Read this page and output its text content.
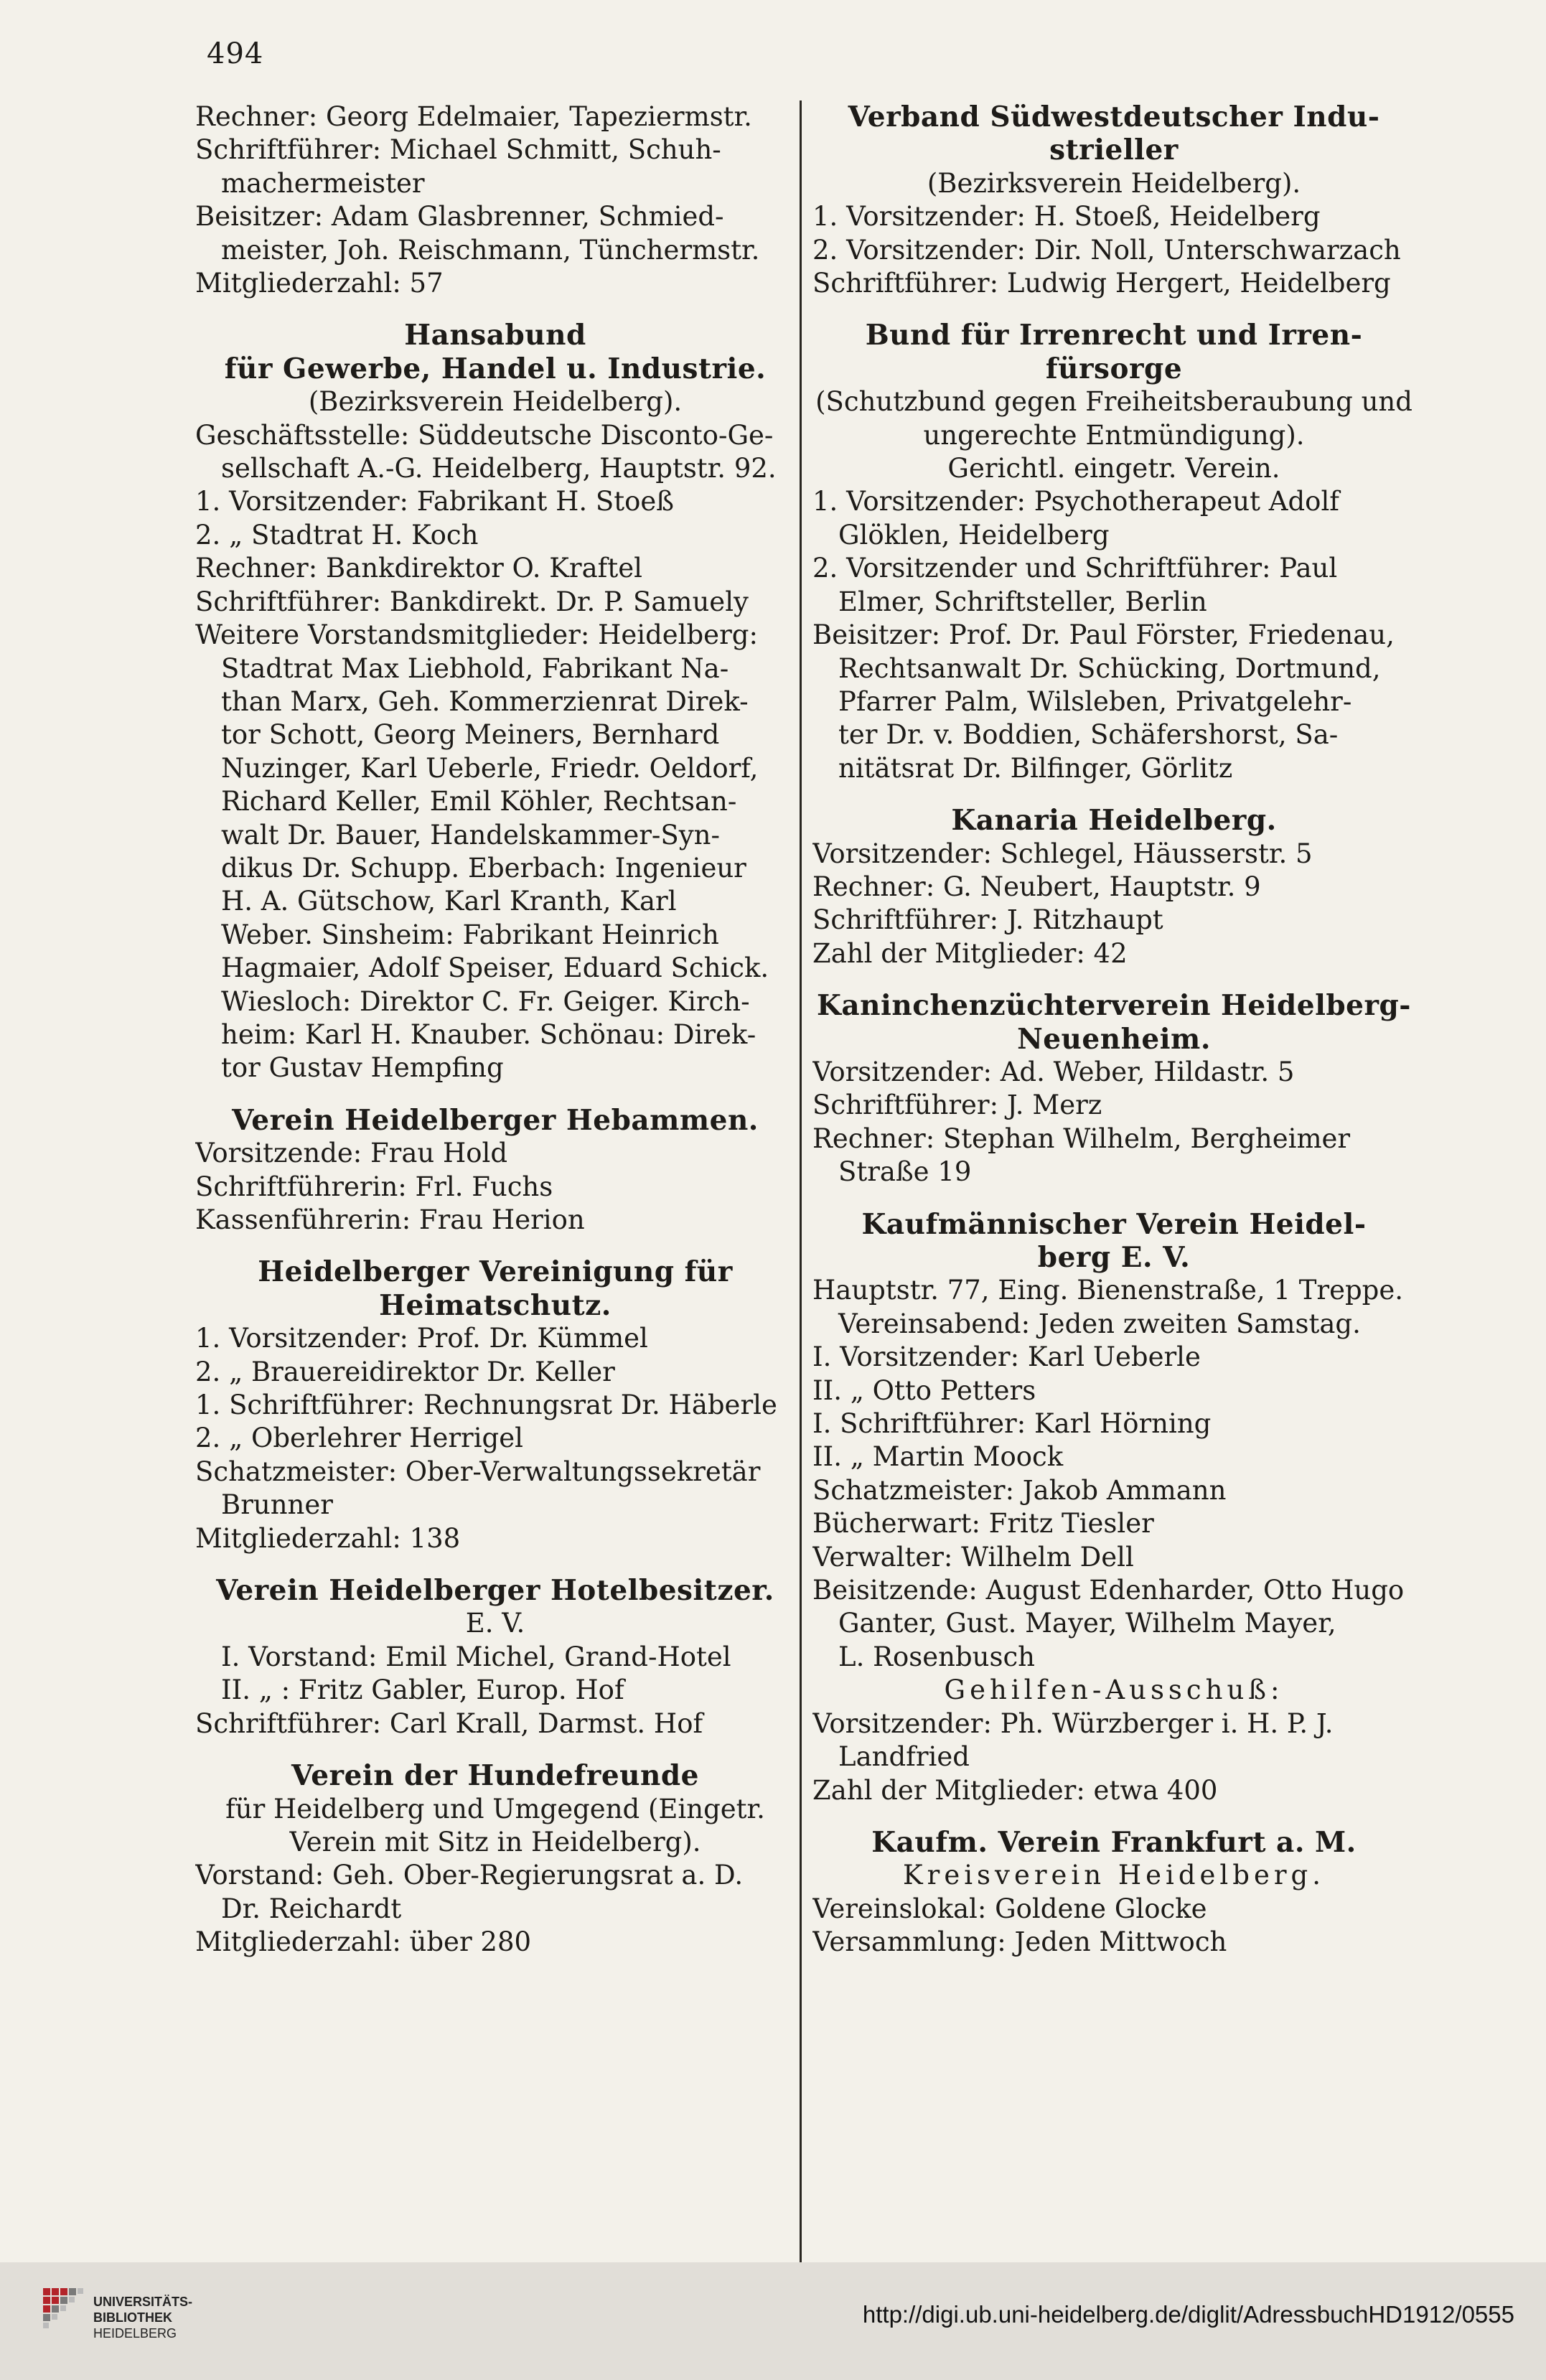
494
Rechner: Georg Edelmaier, Tapeziermstr.
Schriftführer: Michael Schmitt, Schuh-
machermeister
Beisitzer: Adam Glasbrenner, Schmied-
meister, Joh. Reischmann, Tünchermstr.
Mitgliederzahl: 57
Hansabund
für Gewerbe, Handel u. Industrie.
(Bezirksverein Heidelberg).
Geschäftsstelle: Süddeutsche Disconto-Ge-
sellschaft A.-G. Heidelberg, Hauptstr. 92.
1. Vorsitzender: Fabrikant H. Stoeß
2. „ Stadtrat H. Koch
Rechner: Bankdirektor O. Kraftel
Schriftführer: Bankdirekt. Dr. P. Samuely
Weitere Vorstandsmitglieder: Heidelberg:
Stadtrat Max Liebhold, Fabrikant Na-
than Marx, Geh. Kommerzienrat Direk-
tor Schott, Georg Meiners, Bernhard
Nuzinger, Karl Ueberle, Friedr. Oeldorf,
Richard Keller, Emil Köhler, Rechtsan-
walt Dr. Bauer, Handelskammer-Syn-
dikus Dr. Schupp. Eberbach: Ingenieur
H. A. Gütschow, Karl Kranth, Karl
Weber. Sinsheim: Fabrikant Heinrich
Hagmaier, Adolf Speiser, Eduard Schick.
Wiesloch: Direktor C. Fr. Geiger. Kirch-
heim: Karl H. Knauber. Schönau: Direk-
tor Gustav Hempfing
Verein Heidelberger Hebammen.
Vorsitzende: Frau Hold
Schriftführerin: Frl. Fuchs
Kassenführerin: Frau Herion
Heidelberger Vereinigung für
Heimatschutz.
1. Vorsitzender: Prof. Dr. Kümmel
2. „ Brauereidirektor Dr. Keller
1. Schriftführer: Rechnungsrat Dr. Häberle
2. „ Oberlehrer Herrigel
Schatzmeister: Ober-Verwaltungssekretär
Brunner
Mitgliederzahl: 138
Verein Heidelberger Hotelbesitzer.
E. V.
I. Vorstand: Emil Michel, Grand-Hotel
II. „ : Fritz Gabler, Europ. Hof
Schriftführer: Carl Krall, Darmst. Hof
Verein der Hundefreunde
für Heidelberg und Umgegend (Eingetr.
Verein mit Sitz in Heidelberg).
Vorstand: Geh. Ober-Regierungsrat a. D.
Dr. Reichardt
Mitgliederzahl: über 280
Verband Südwestdeutscher Indu-
strieller
(Bezirksverein Heidelberg).
1. Vorsitzender: H. Stoeß, Heidelberg
2. Vorsitzender: Dir. Noll, Unterschwarzach
Schriftführer: Ludwig Hergert, Heidelberg
Bund für Irrenrecht und Irren-
fürsorge
(Schutzbund gegen Freiheitsberaubung und
ungerechte Entmündigung).
Gerichtl. eingetr. Verein.
1. Vorsitzender: Psychotherapeut Adolf
Glöklen, Heidelberg
2. Vorsitzender und Schriftführer: Paul
Elmer, Schriftsteller, Berlin
Beisitzer: Prof. Dr. Paul Förster, Friedenau,
Rechtsanwalt Dr. Schücking, Dortmund,
Pfarrer Palm, Wilsleben, Privatgelehr-
ter Dr. v. Boddien, Schäfershorst, Sa-
nitätsrat Dr. Bilfinger, Görlitz
Kanaria Heidelberg.
Vorsitzender: Schlegel, Häusserstr. 5
Rechner: G. Neubert, Hauptstr. 9
Schriftführer: J. Ritzhaupt
Zahl der Mitglieder: 42
Kaninchenzüchterverein Heidelberg-
Neuenheim.
Vorsitzender: Ad. Weber, Hildastr. 5
Schriftführer: J. Merz
Rechner: Stephan Wilhelm, Bergheimer
Straße 19
Kaufmännischer Verein Heidel-
berg E. V.
Hauptstr. 77, Eing. Bienenstraße, 1 Treppe.
Vereinsabend: Jeden zweiten Samstag.
I. Vorsitzender: Karl Ueberle
II. „ Otto Petters
I. Schriftführer: Karl Hörning
II. „ Martin Moock
Schatzmeister: Jakob Ammann
Bücherwart: Fritz Tiesler
Verwalter: Wilhelm Dell
Beisitzende: August Edenharder, Otto Hugo
Ganter, Gust. Mayer, Wilhelm Mayer,
L. Rosenbusch
Gehilfen-Ausschuß:
Vorsitzender: Ph. Würzberger i. H. P. J.
Landfried
Zahl der Mitglieder: etwa 400
Kaufm. Verein Frankfurt a. M.
Kreisverein Heidelberg.
Vereinslokal: Goldene Glocke
Versammlung: Jeden Mittwoch
UNIVERSITÄTS-
BIBLIOTHEK
HEIDELBERG
http://digi.ub.uni-heidelberg.de/diglit/AdressbuchHD1912/0555
